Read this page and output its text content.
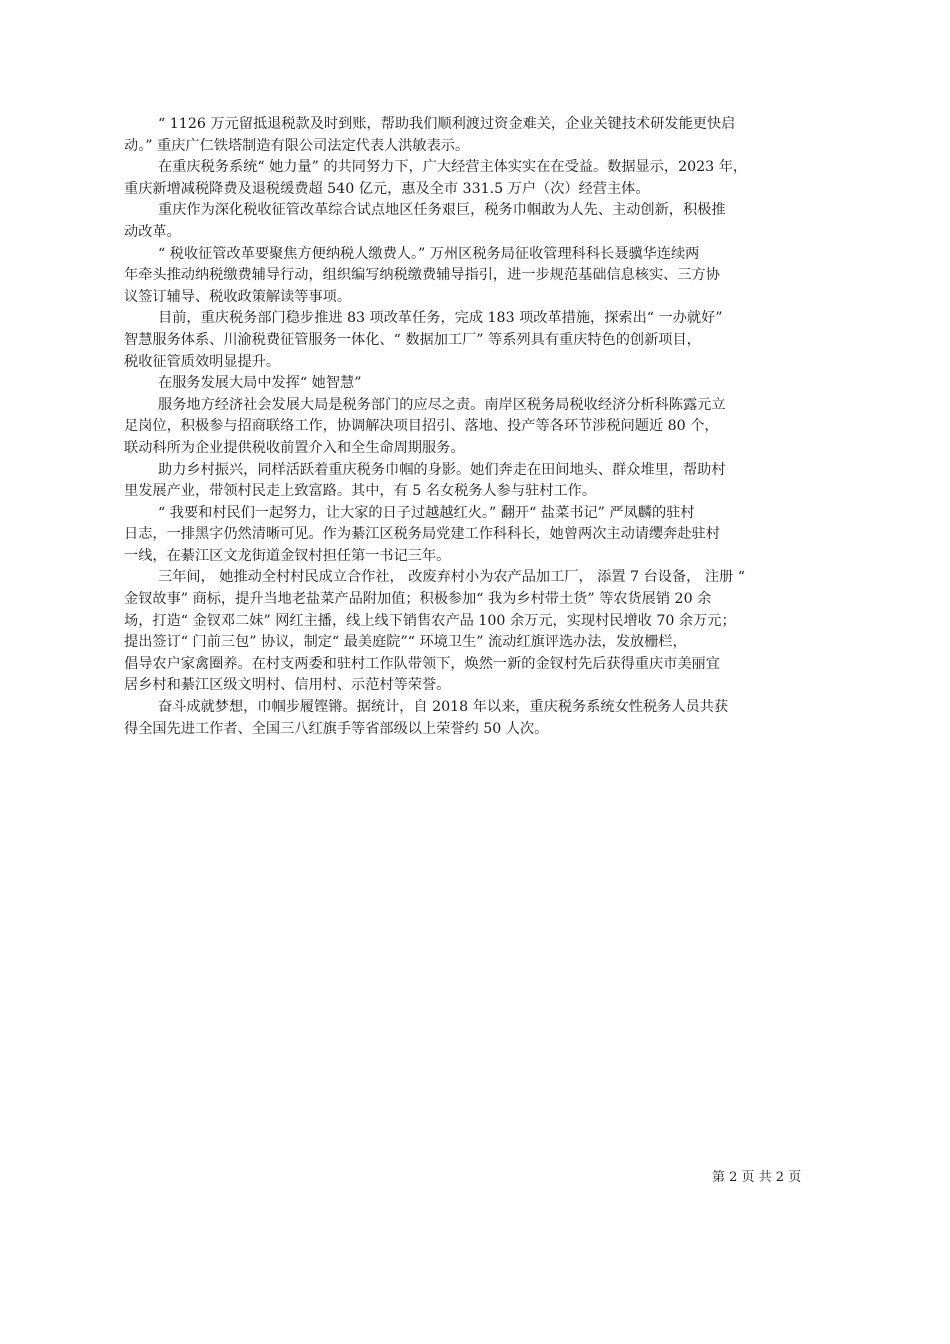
“ 1126 万元留抵退税款及时到账，帮助我们顺利渡过资金难关，企业关键技术研发能更快启
动。” 重庆广仁铁塔制造有限公司法定代表人洪敏表示。
在重庆税务系统“ 她力量” 的共同努力下，广大经营主体实实在在受益。数据显示，2023 年，
重庆新增减税降费及退税缓费超 540 亿元，惠及全市 331.5 万户（次）经营主体。
重庆作为深化税收征管改革综合试点地区任务艰巨，税务巾帼敢为人先、主动创新，积极推
动改革。
“ 税收征管改革要聚焦方便纳税人缴费人。” 万州区税务局征收管理科科长聂骥华连续两
年牵头推动纳税缴费辅导行动，组织编写纳税缴费辅导指引，进一步规范基础信息核实、三方协
议签订辅导、税收政策解读等事项。
目前，重庆税务部门稳步推进 83 项改革任务，完成 183 项改革措施，探索出“ 一办就好”
智慧服务体系、川渝税费征管服务一体化、“ 数据加工厂” 等系列具有重庆特色的创新项目，
税收征管质效明显提升。
在服务发展大局中发挥“ 她智慧”
服务地方经济社会发展大局是税务部门的应尽之责。南岸区税务局税收经济分析科陈露元立
足岗位，积极参与招商联络工作，协调解决项目招引、落地、投产等各环节涉税问题近 80 个，
联动科所为企业提供税收前置介入和全生命周期服务。
助力乡村振兴，同样活跃着重庆税务巾帼的身影。她们奔走在田间地头、群众堆里，帮助村
里发展产业，带领村民走上致富路。其中，有 5 名女税务人参与驻村工作。
“ 我要和村民们一起努力，让大家的日子过越越红火。” 翻开“ 盐菜书记” 严凤麟的驻村
日志，一排黑字仍然清晰可见。作为綦江区税务局党建工作科科长，她曾两次主动请缨奔赴驻村
一线，在綦江区文龙街道金钗村担任第一书记三年。
三年间， 她推动全村村民成立合作社， 改废弃村小为农产品加工厂， 添置 7 台设备， 注册 “
金钗故事” 商标，提升当地老盐菜产品附加值；积极参加“ 我为乡村带土货” 等农货展销 20 余
场，打造“ 金钗邓二妹” 网红主播，线上线下销售农产品 100 余万元，实现村民增收 70 余万元；
提出签订“ 门前三包” 协议，制定“ 最美庭院”“ 环境卫生” 流动红旗评选办法，发放栅栏，
倡导农户家禽圈养。在村支两委和驻村工作队带领下，焕然一新的金钗村先后获得重庆市美丽宜
居乡村和綦江区级文明村、信用村、示范村等荣誉。
奋斗成就梦想，巾帼步履铿锵。据统计，自 2018 年以来，重庆税务系统女性税务人员共获
得全国先进工作者、全国三八红旗手等省部级以上荣誉约 50 人次。
第 2 页 共 2 页
